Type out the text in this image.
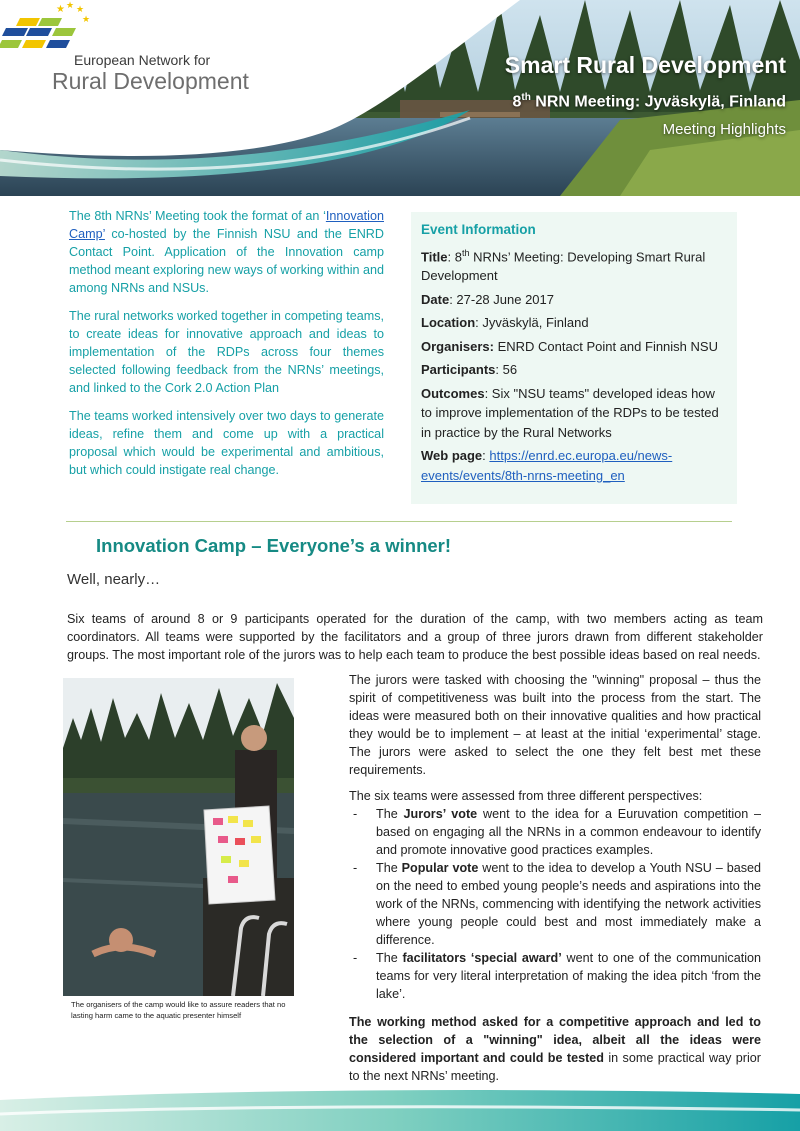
★ ★ ★
★
European Network for
Rural Development
Smart Rural Development
8th NRN Meeting: Jyväskylä, Finland
Meeting Highlights

The 8th NRNs’ Meeting took the format of an ‘Innovation Camp’ co-hosted by the Finnish NSU and the ENRD Contact Point. Application of the Innovation camp method meant exploring new ways of working within and among NRNs and NSUs.

The rural networks worked together in competing teams, to create ideas for innovative approach and ideas to implementation of the RDPs across four themes selected following feedback from the NRNs’ meetings, and linked to the Cork 2.0 Action Plan

The teams worked intensively over two days to generate ideas, refine them and come up with a practical proposal which would be experimental and ambitious, but which could instigate real change.

Event Information
Title: 8th NRNs’ Meeting: Developing Smart Rural Development
Date: 27-28 June 2017
Location: Jyväskylä, Finland
Organisers: ENRD Contact Point and Finnish NSU
Participants: 56
Outcomes: Six "NSU teams" developed ideas how to improve implementation of the RDPs to be tested in practice by the Rural Networks
Web page: https://enrd.ec.europa.eu/news-events/events/8th-nrns-meeting_en
Innovation Camp – Everyone’s a winner!
Well, nearly…
Six teams of around 8 or 9 participants operated for the duration of the camp, with two members acting as team coordinators. All teams were supported by the facilitators and a group of three jurors drawn from different stakeholder groups. The most important role of the jurors was to help each team to produce the best possible ideas based on real needs.
The organisers of the camp would like to assure readers that no lasting harm came to the aquatic presenter himself

The jurors were tasked with choosing the "winning" proposal – thus the spirit of competitiveness was built into the process from the start. The ideas were measured both on their innovative qualities and how practical they would be to implement – at least at the initial ‘experimental’ stage. The jurors were asked to select the one they felt best met these requirements.

The six teams were assessed from three different perspectives:

- The Jurors’ vote went to the idea for a Euruvation competition – based on engaging all the NRNs in a common endeavour to identify and promote innovative good practices examples.
- The Popular vote went to the idea to develop a Youth NSU – based on the need to embed young people’s needs and aspirations into the work of the NRNs, commencing with identifying the network activities where young people could best and most immediately make a difference.
- The facilitators ‘special award’ went to one of the communication teams for very literal interpretation of making the idea pitch ‘from the lake’.

The working method asked for a competitive approach and led to the selection of a "winning" idea, albeit all the ideas were considered important and could be tested in some practical way prior to the next NRNs’ meeting.
